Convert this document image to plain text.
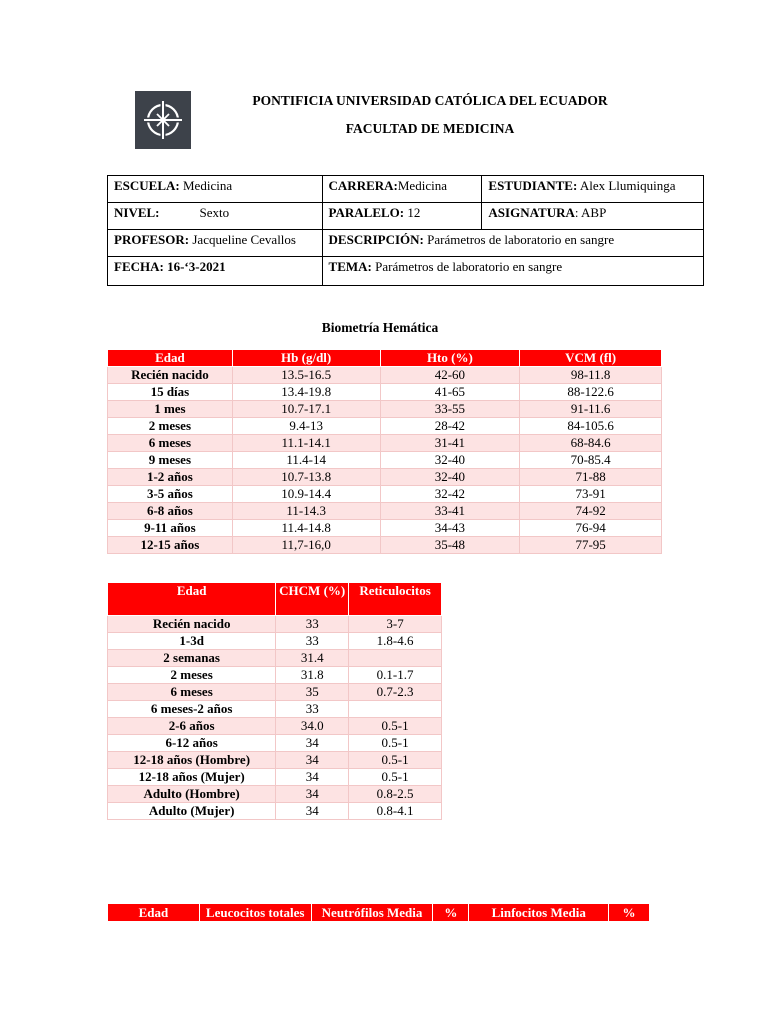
PONTIFICIA UNIVERSIDAD CATÓLICA DEL ECUADOR
FACULTAD DE MEDICINA
ESCUELA: Medicina	CARRERA:Medicina	ESTUDIANTE: Alex Llumiquinga
NIVEL: Sexto	PARALELO: 12	ASIGNATURA: ABP
PROFESOR: Jacqueline Cevallos	DESCRIPCIÓN: Parámetros de laboratorio en sangre	
FECHA: 16-‘3-2021	TEMA: Parámetros de laboratorio en sangre	
Biometría Hemática
Edad	Hb (g/dl)	Hto (%)	VCM (fl)
Recién nacido	13.5-16.5	42-60	98-11.8
15 días	13.4-19.8	41-65	88-122.6
1 mes	10.7-17.1	33-55	91-11.6
2 meses	9.4-13	28-42	84-105.6
6 meses	11.1-14.1	31-41	68-84.6
9 meses	11.4-14	32-40	70-85.4
1-2 años	10.7-13.8	32-40	71-88
3-5 años	10.9-14.4	32-42	73-91
6-8 años	11-14.3	33-41	74-92
9-11 años	11.4-14.8	34-43	76-94
12-15 años	11,7-16,0	35-48	77-95
Edad	CHCM (%)	Reticulocitos
Recién nacido	33	3-7
1-3d	33	1.8-4.6
2 semanas	31.4	
2 meses	31.8	0.1-1.7
6 meses	35	0.7-2.3
6 meses-2 años	33	
2-6 años	34.0	0.5-1
6-12 años	34	0.5-1
12-18 años (Hombre)	34	0.5-1
12-18 años (Mujer)	34	0.5-1
Adulto (Hombre)	34	0.8-2.5
Adulto (Mujer)	34	0.8-4.1
Edad	Leucocitos totales	Neutrófilos Media	%	Linfocitos Media	%
